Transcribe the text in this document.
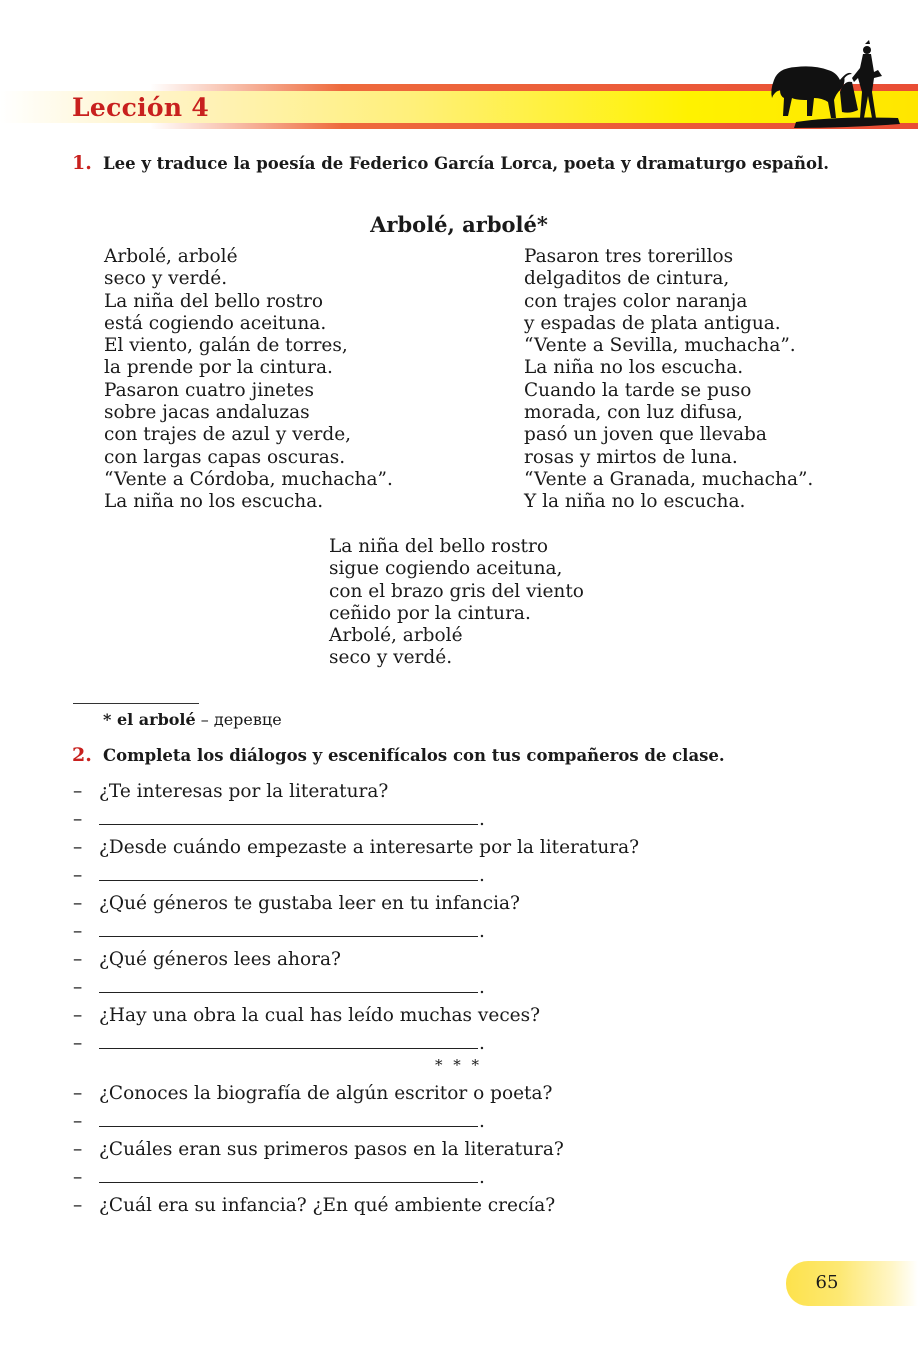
Lección 4
1. Lee y traduce la poesía de Federico García Lorca, poeta y dramaturgo español.
Arbolé, arbolé*
Arbolé, arbolé
seco y verdé.
La niña del bello rostro
está cogiendo aceituna.
El viento, galán de torres,
la prende por la cintura.
Pasaron cuatro jinetes
sobre jacas andaluzas
con trajes de azul y verde,
con largas capas oscuras.
“Vente a Córdoba, muchacha”.
La niña no los escucha.
Pasaron tres torerillos
delgaditos de cintura,
con trajes color naranja
y espadas de plata antigua.
“Vente a Sevilla, muchacha”.
La niña no los escucha.
Cuando la tarde se puso
morada, con luz difusa,
pasó un joven que llevaba
rosas y mirtos de luna.
“Vente a Granada, muchacha”.
Y la niña no lo escucha.
La niña del bello rostro
sigue cogiendo aceituna,
con el brazo gris del viento
ceñido por la cintura.
Arbolé, arbolé
seco y verdé.
* el arbolé – деревце
2. Completa los diálogos y escenifícalos con tus compañeros de clase.
– ¿Te interesas por la literatura?
–	.
– ¿Desde cuándo empezaste a interesarte por la literatura?
–	.
– ¿Qué géneros te gustaba leer en tu infancia?
–	.
– ¿Qué géneros lees ahora?
–	.
– ¿Hay una obra la cual has leído muchas veces?
–	.
* * *
– ¿Conoces la biografía de algún escritor o poeta?
–	.
– ¿Cuáles eran sus primeros pasos en la literatura?
–	.
– ¿Cuál era su infancia? ¿En qué ambiente crecía?
65
